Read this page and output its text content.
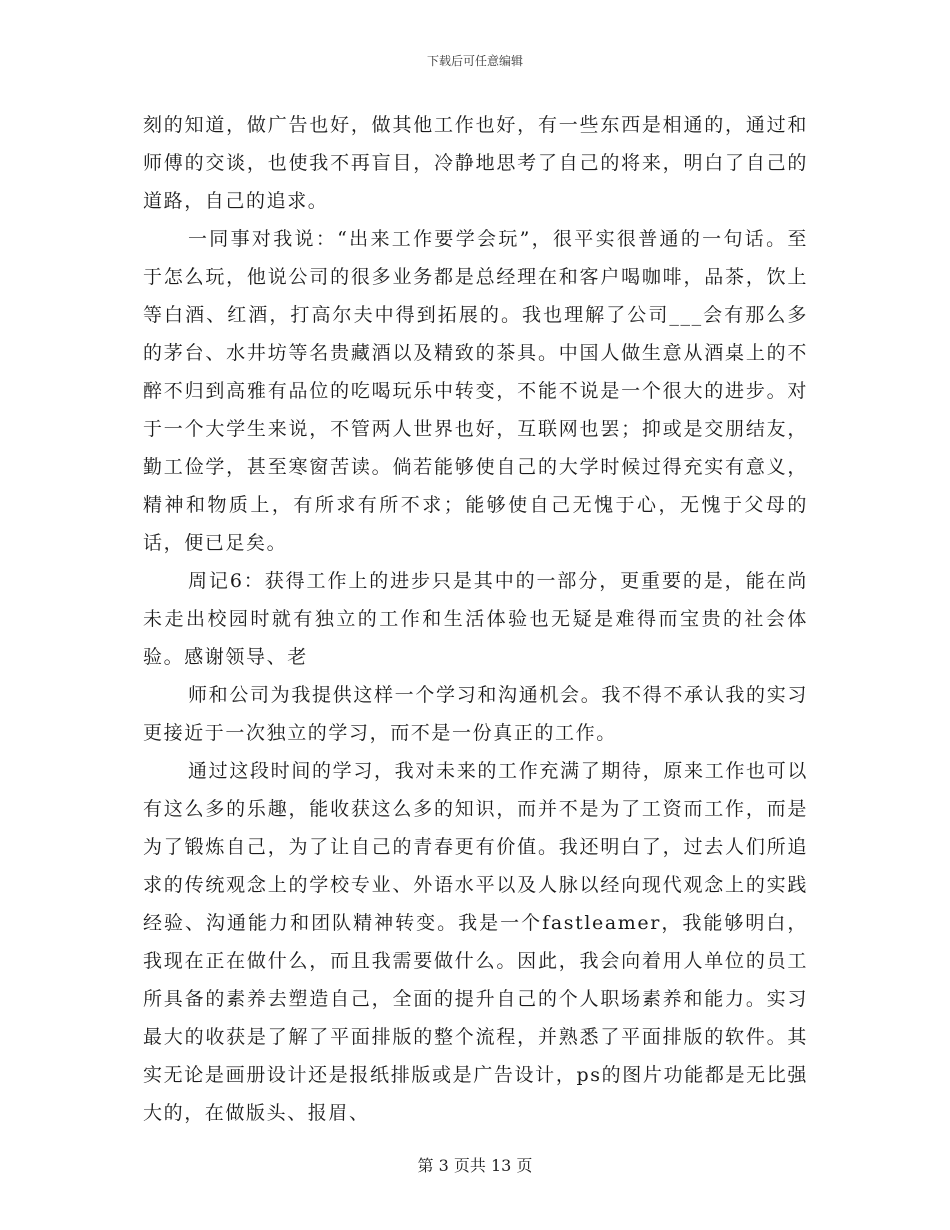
下载后可任意编辑

刻的知道，做广告也好，做其他工作也好，有一些东西是相通的，通过和师傅的交谈，也使我不再盲目，冷静地思考了自己的将来，明白了自己的道路，自己的追求。

一同事对我说：“出来工作要学会玩”，很平实很普通的一句话。至于怎么玩，他说公司的很多业务都是总经理在和客户喝咖啡，品茶，饮上等白酒、红酒，打高尔夫中得到拓展的。我也理解了公司___会有那么多的茅台、水井坊等名贵藏酒以及精致的茶具。中国人做生意从酒桌上的不醉不归到高雅有品位的吃喝玩乐中转变，不能不说是一个很大的进步。对于一个大学生来说，不管两人世界也好，互联网也罢；抑或是交朋结友，勤工俭学，甚至寒窗苦读。倘若能够使自己的大学时候过得充实有意义，精神和物质上，有所求有所不求；能够使自己无愧于心，无愧于父母的话，便已足矣。

周记6：获得工作上的进步只是其中的一部分，更重要的是，能在尚未走出校园时就有独立的工作和生活体验也无疑是难得而宝贵的社会体验。感谢领导、老

师和公司为我提供这样一个学习和沟通机会。我不得不承认我的实习更接近于一次独立的学习，而不是一份真正的工作。

通过这段时间的学习，我对未来的工作充满了期待，原来工作也可以有这么多的乐趣，能收获这么多的知识，而并不是为了工资而工作，而是为了锻炼自己，为了让自己的青春更有价值。我还明白了，过去人们所追求的传统观念上的学校专业、外语水平以及人脉以经向现代观念上的实践经验、沟通能力和团队精神转变。我是一个fastleamer，我能够明白，我现在正在做什么，而且我需要做什么。因此，我会向着用人单位的员工所具备的素养去塑造自己，全面的提升自己的个人职场素养和能力。实习最大的收获是了解了平面排版的整个流程，并熟悉了平面排版的软件。其实无论是画册设计还是报纸排版或是广告设计，ps的图片功能都是无比强大的，在做版头、报眉、

第 3 页共 13 页
